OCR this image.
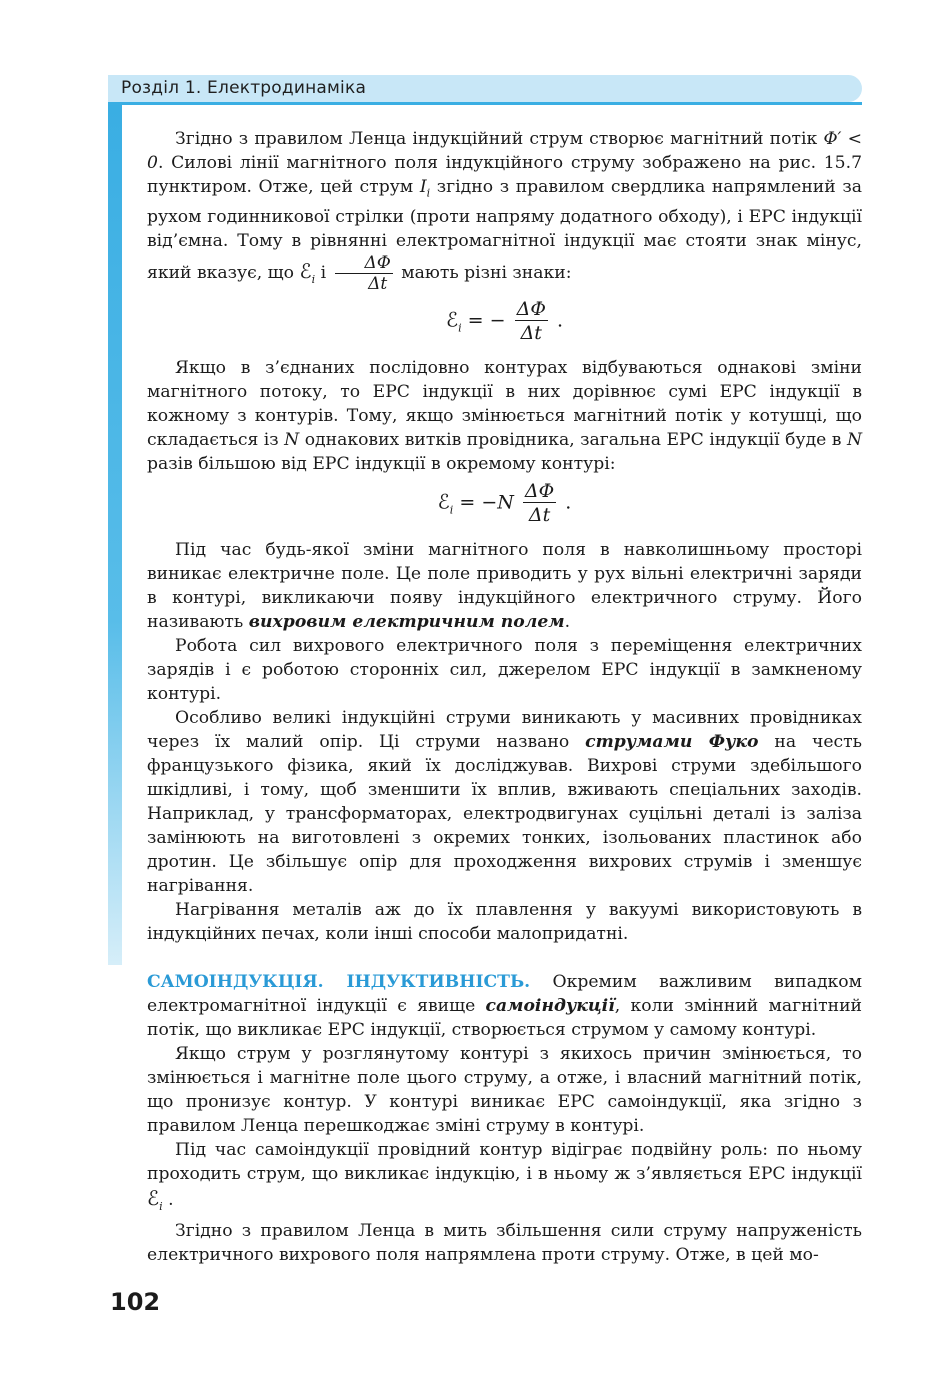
Розділ 1. Електродинаміка

Згідно з правилом Ленца індукційний струм створює магнітний потік Φ′ < 0. Силові лінії магнітного поля індукційного струму зображено на рис. 15.7 пунктиром. Отже, цей струм $I_i$ згідно з правилом свердлика напрямлений за рухом годинникової стрілки (проти напряму додатного обходу), і ЕРС індукції від’ємна. Тому в рівнянні електромагнітної індукції має стояти знак мінус, який вказує, що ℰ$_i$ і $\frac{\Delta\Phi}{\Delta t}$ мають різні знаки:

ℰ$_i$ = − $\frac{\Delta\Phi}{\Delta t}$ .

Якщо в з’єднаних послідовно контурах відбуваються однакові зміни магнітного потоку, то ЕРС індукції в них дорівнює сумі ЕРС індукції в кожному з контурів. Тому, якщо змінюється магнітний потік у котушці, що складається із N однакових витків провідника, загальна ЕРС індукції буде в N разів більшою від ЕРС індукції в окремому контурі:

ℰ$_i$ = $-N \frac{\Delta\Phi}{\Delta t}$ .

Під час будь-якої зміни магнітного поля в навколишньому просторі виникає електричне поле. Це поле приводить у рух вільні електричні заряди в контурі, викликаючи появу індукційного електричного струму. Його називають вихровим електричним полем.

Робота сил вихрового електричного поля з переміщення електричних зарядів і є роботою сторонніх сил, джерелом ЕРС індукції в замкненому контурі.

Особливо великі індукційні струми виникають у масивних провідниках через їх малий опір. Ці струми названо струмами Фуко на честь французького фізика, який їх досліджував. Вихрові струми здебільшого шкідливі, і тому, щоб зменшити їх вплив, вживають спеціальних заходів. Наприклад, у трансформаторах, електродвигунах суцільні деталі із заліза замінюють на виготовлені з окремих тонких, ізольованих пластинок або дротин. Це збільшує опір для проходження вихрових струмів і зменшує нагрівання.

Нагрівання металів аж до їх плавлення у вакуумі використовують в індукційних печах, коли інші способи малопридатні.

САМОІНДУКЦІЯ. ІНДУКТИВНІСТЬ. Окремим важливим випадком електромагнітної індукції є явище самоіндукції, коли змінний магнітний потік, що викликає ЕРС індукції, створюється струмом у самому контурі.

Якщо струм у розглянутому контурі з якихось причин змінюється, то змінюється і магнітне поле цього струму, а отже, і власний магнітний потік, що пронизує контур. У контурі виникає ЕРС самоіндукції, яка згідно з правилом Ленца перешкоджає зміні струму в контурі.

Під час самоіндукції провідний контур відіграє подвійну роль: по ньому проходить струм, що викликає індукцію, і в ньому ж з’являється ЕРС індукції ℰ$_i$ .

Згідно з правилом Ленца в мить збільшення сили струму напруженість електричного вихрового поля напрямлена проти струму. Отже, в цей мо-

102
